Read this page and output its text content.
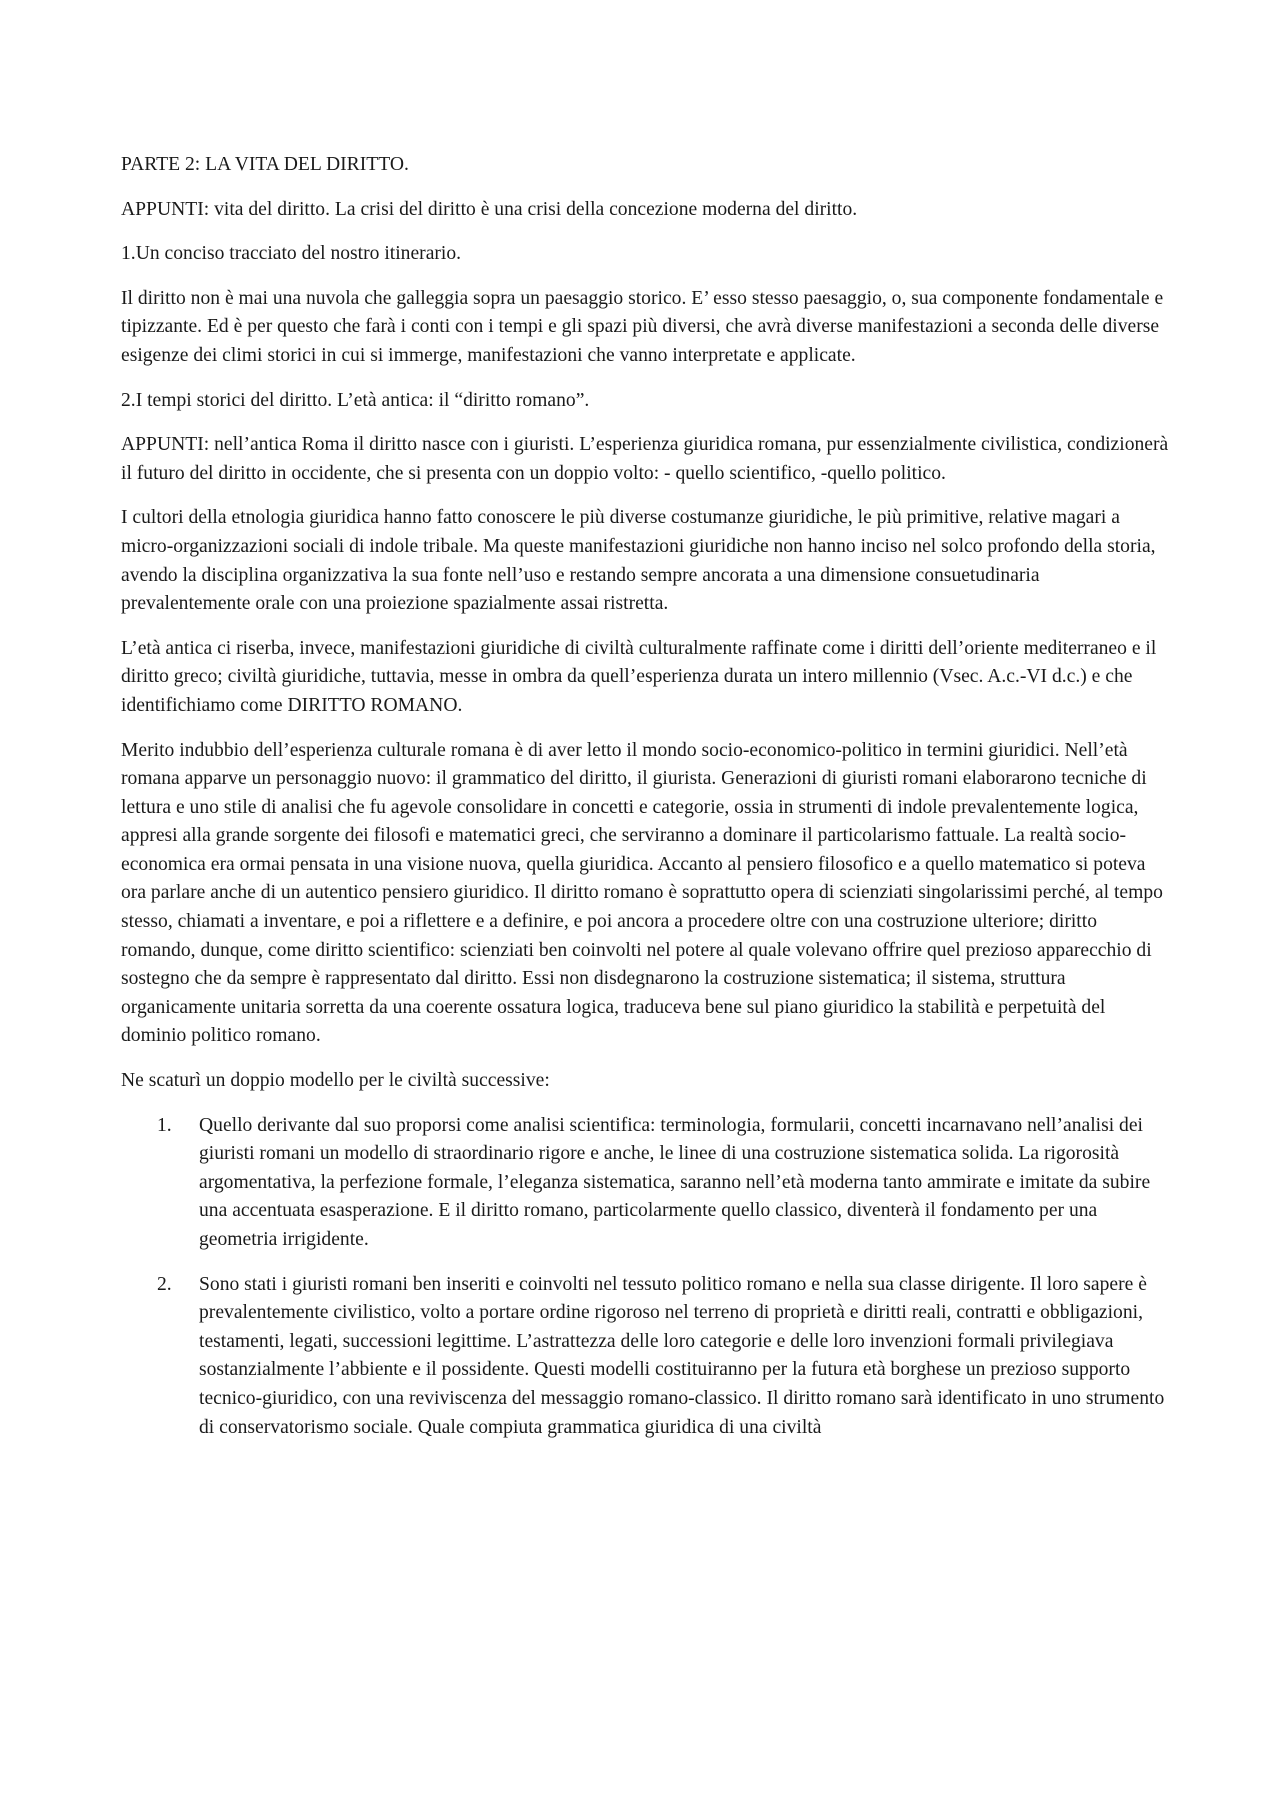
PARTE 2: LA VITA DEL DIRITTO.

APPUNTI: vita del diritto. La crisi del diritto è una crisi della concezione moderna del diritto.

1.Un conciso tracciato del nostro itinerario.

Il diritto non è mai una nuvola che galleggia sopra un paesaggio storico. E’ esso stesso paesaggio, o, sua componente fondamentale e tipizzante. Ed è per questo che farà i conti con i tempi e gli spazi più diversi, che avrà diverse manifestazioni a seconda delle diverse esigenze dei climi storici in cui si immerge, manifestazioni che vanno interpretate e applicate.

2.I tempi storici del diritto. L’età antica: il “diritto romano”.

APPUNTI: nell’antica Roma il diritto nasce con i giuristi. L’esperienza giuridica romana, pur essenzialmente civilistica, condizionerà il futuro del diritto in occidente, che si presenta con un doppio volto: - quello scientifico, -quello politico.

I cultori della etnologia giuridica hanno fatto conoscere le più diverse costumanze giuridiche, le più primitive, relative magari a micro-organizzazioni sociali di indole tribale. Ma queste manifestazioni giuridiche non hanno inciso nel solco profondo della storia, avendo la disciplina organizzativa la sua fonte nell’uso e restando sempre ancorata a una dimensione consuetudinaria prevalentemente orale con una proiezione spazialmente assai ristretta.

L’età antica ci riserba, invece, manifestazioni giuridiche di civiltà culturalmente raffinate come i diritti dell’oriente mediterraneo e il diritto greco; civiltà giuridiche, tuttavia, messe in ombra da quell’esperienza durata un intero millennio (Vsec. A.c.-VI d.c.) e che identifichiamo come DIRITTO ROMANO.

Merito indubbio dell’esperienza culturale romana è di aver letto il mondo socio-economico-politico in termini giuridici. Nell’età romana apparve un personaggio nuovo: il grammatico del diritto, il giurista. Generazioni di giuristi romani elaborarono tecniche di lettura e uno stile di analisi che fu agevole consolidare in concetti e categorie, ossia in strumenti di indole prevalentemente logica, appresi alla grande sorgente dei filosofi e matematici greci, che serviranno a dominare il particolarismo fattuale. La realtà socio-economica era ormai pensata in una visione nuova, quella giuridica. Accanto al pensiero filosofico e a quello matematico si poteva ora parlare anche di un autentico pensiero giuridico. Il diritto romano è soprattutto opera di scienziati singolarissimi perché, al tempo stesso, chiamati a inventare, e poi a riflettere e a definire, e poi ancora a procedere oltre con una costruzione ulteriore; diritto romando, dunque, come diritto scientifico: scienziati ben coinvolti nel potere al quale volevano offrire quel prezioso apparecchio di sostegno che da sempre è rappresentato dal diritto. Essi non disdegnarono la costruzione sistematica; il sistema, struttura organicamente unitaria sorretta da una coerente ossatura logica, traduceva bene sul piano giuridico la stabilità e perpetuità del dominio politico romano.

Ne scaturì un doppio modello per le civiltà successive:

1. Quello derivante dal suo proporsi come analisi scientifica: terminologia, formularii, concetti incarnavano nell’analisi dei giuristi romani un modello di straordinario rigore e anche, le linee di una costruzione sistematica solida. La rigorosità argomentativa, la perfezione formale, l’eleganza sistematica, saranno nell’età moderna tanto ammirate e imitate da subire una accentuata esasperazione. E il diritto romano, particolarmente quello classico, diventerà il fondamento per una geometria irrigidente.
2. Sono stati i giuristi romani ben inseriti e coinvolti nel tessuto politico romano e nella sua classe dirigente. Il loro sapere è prevalentemente civilistico, volto a portare ordine rigoroso nel terreno di proprietà e diritti reali, contratti e obbligazioni, testamenti, legati, successioni legittime. L’astrattezza delle loro categorie e delle loro invenzioni formali privilegiava sostanzialmente l’abbiente e il possidente. Questi modelli costituiranno per la futura età borghese un prezioso supporto tecnico-giuridico, con una reviviscenza del messaggio romano-classico. Il diritto romano sarà identificato in uno strumento di conservatorismo sociale. Quale compiuta grammatica giuridica di una civiltà
